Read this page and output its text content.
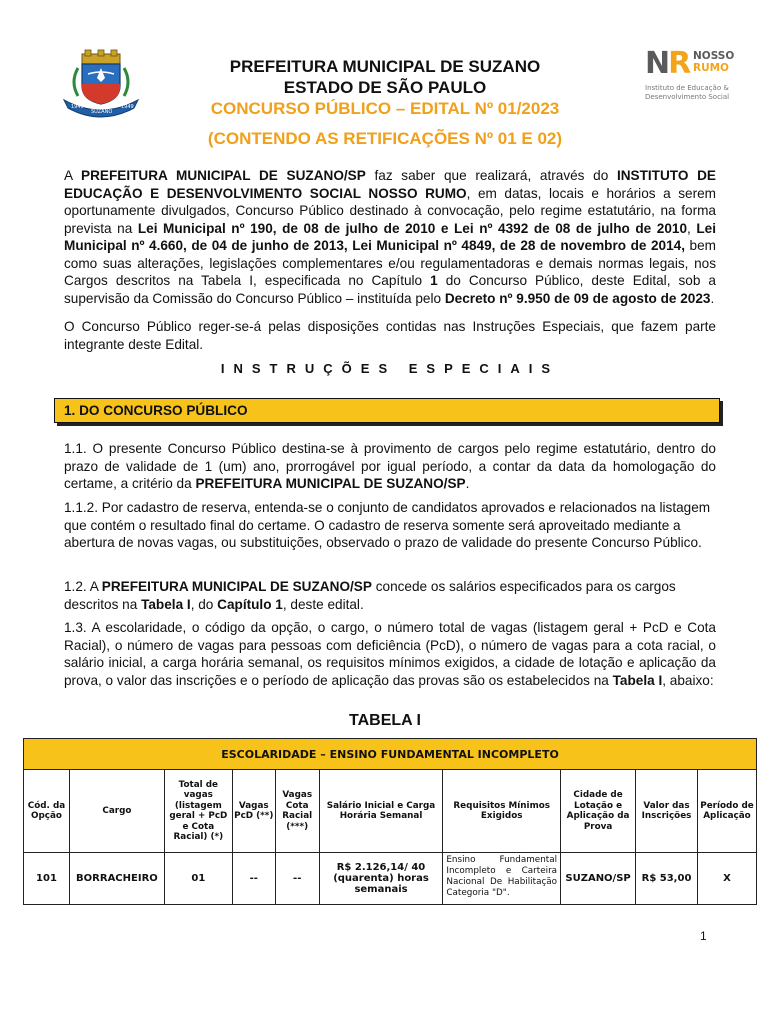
1949	1949
SUZANO
NR NOSSO
RUMO
Instituto de Educação & Desenvolvimento Social
PREFEITURA MUNICIPAL DE SUZANO
ESTADO DE SÃO PAULO
CONCURSO PÚBLICO – EDITAL Nº 01/2023
(CONTENDO AS RETIFICAÇÕES Nº 01 E 02)
A PREFEITURA MUNICIPAL DE SUZANO/SP faz saber que realizará, através do INSTITUTO DE EDUCAÇÃO E DESENVOLVIMENTO SOCIAL NOSSO RUMO, em datas, locais e horários a serem oportunamente divulgados, Concurso Público destinado à convocação, pelo regime estatutário, na forma prevista na Lei Municipal nº 190, de 08 de julho de 2010 e Lei nº 4392 de 08 de julho de 2010, Lei Municipal nº 4.660, de 04 de junho de 2013, Lei Municipal nº 4849, de 28 de novembro de 2014, bem como suas alterações, legislações complementares e/ou regulamentadoras e demais normas legais, nos Cargos descritos na Tabela I, especificada no Capítulo 1 do Concurso Público, deste Edital, sob a supervisão da Comissão do Concurso Público – instituída pelo Decreto nº 9.950 de 09 de agosto de 2023.
O Concurso Público reger-se-á pelas disposições contidas nas Instruções Especiais, que fazem parte integrante deste Edital.
INSTRUÇÕES ESPECIAIS
1. DO CONCURSO PÚBLICO
1.1. O presente Concurso Público destina-se à provimento de cargos pelo regime estatutário, dentro do prazo de validade de 1 (um) ano, prorrogável por igual período, a contar da data da homologação do certame, a critério da PREFEITURA MUNICIPAL DE SUZANO/SP.
1.1.2. Por cadastro de reserva, entenda-se o conjunto de candidatos aprovados e relacionados na listagem que contém o resultado final do certame. O cadastro de reserva somente será aproveitado mediante a abertura de novas vagas, ou substituições, observado o prazo de validade do presente Concurso Público.
1.2. A PREFEITURA MUNICIPAL DE SUZANO/SP concede os salários especificados para os cargos descritos na Tabela I, do Capítulo 1, deste edital.
1.3. A escolaridade, o código da opção, o cargo, o número total de vagas (listagem geral + PcD e Cota Racial), o número de vagas para pessoas com deficiência (PcD), o número de vagas para a cota racial, o salário inicial, a carga horária semanal, os requisitos mínimos exigidos, a cidade de lotação e aplicação da prova, o valor das inscrições e o período de aplicação das provas são os estabelecidos na Tabela I, abaixo:
TABELA I
ESCOLARIDADE – ENSINO FUNDAMENTAL INCOMPLETO									
Cód. da Opção	Cargo	Total de vagas (listagem geral + PcD e Cota Racial) (*)	Vagas PcD (**)	Vagas Cota Racial (***)	Salário Inicial e Carga Horária Semanal	Requisitos Mínimos Exigidos	Cidade de Lotação e Aplicação da Prova	Valor das Inscrições	Período de Aplicação
101	BORRACHEIRO	01	--	--	R$ 2.126,14/ 40 (quarenta) horas semanais	Ensino Fundamental Incompleto e Carteira Nacional De Habilitação Categoria "D".	SUZANO/SP	R$ 53,00	X
1
